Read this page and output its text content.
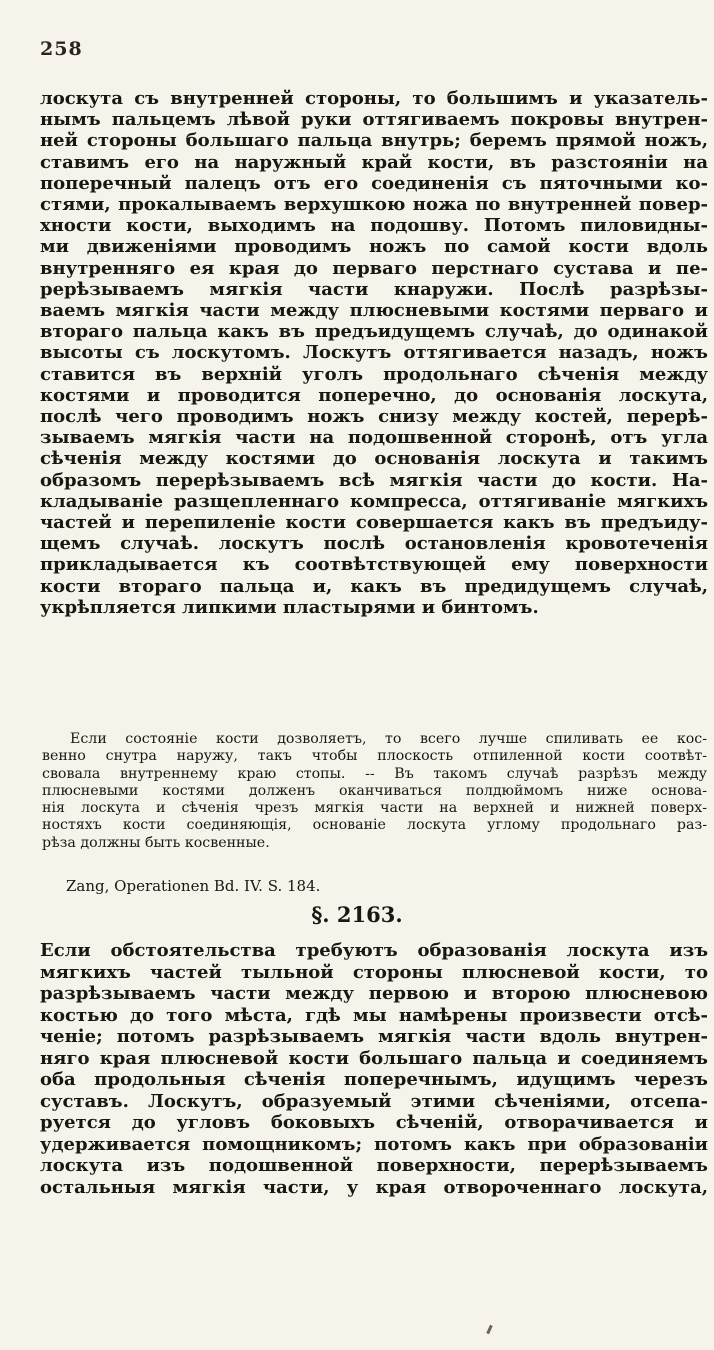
258
лоскута съ внутренней стороны, то большимъ и указатель-
нымъ пальцемъ лѣвой руки оттягиваемъ покровы внутрен-
ней стороны большаго пальца внутрь; беремъ прямой ножъ,
ставимъ его на наружный край кости, въ разстояніи на
поперечный палецъ отъ его соединенія съ пяточными ко-
стями, прокалываемъ верхушкою ножа по внутренней повер-
хности кости, выходимъ на подошву. Потомъ пиловидны-
ми движеніями проводимъ ножъ по самой кости вдоль
внутренняго ея края до перваго перстнаго сустава и пе-
рерѣзываемъ мягкія части кнаружи. Послѣ разрѣзы-
ваемъ мягкія части между плюсневыми костями перваго и
втораго пальца какъ въ предъидущемъ случаѣ, до одинакой
высоты съ лоскутомъ. Лоскутъ оттягивается назадъ, ножъ
ставится въ верхній уголъ продольнаго сѣченія между
костями и проводится поперечно, до основанія лоскута,
послѣ чего проводимъ ножъ снизу между костей, перерѣ-
зываемъ мягкія части на подошвенной сторонѣ, отъ угла
сѣченія между костями до основанія лоскута и такимъ
образомъ перерѣзываемъ всѣ мягкія части до кости. На-
кладываніе разщепленнаго компресса, оттягиваніе мягкихъ
частей и перепиленіе кости совершается какъ въ предъиду-
щемъ случаѣ. лоскутъ послѣ остановленія кровотеченія
прикладывается къ соотвѣтствующей ему поверхности
кости втораго пальца и, какъ въ предидущемъ случаѣ,
укрѣпляется липкими пластырями и бинтомъ.
Если состояніе кости дозволяетъ, то всего лучше спиливать ее кос-
венно снутра наружу, такъ чтобы плоскость отпиленной кости соотвѣт-
свовала внутреннему краю стопы. -- Въ такомъ случаѣ разрѣзъ между
плюсневыми костями долженъ оканчиваться полдюймомъ ниже основа-
нія лоскута и сѣченія чрезъ мягкія части на верхней и нижней поверх-
ностяхъ кости соединяющія, основаніе лоскута углому продольнаго раз-
рѣза должны быть косвенные.
Zang, Operationen Bd. IV. S. 184.
§. 2163.
Если обстоятельства требуютъ образованія лоскута изъ
мягкихъ частей тыльной стороны плюсневой кости, то
разрѣзываемъ части между первою и второю плюсневою
костью до того мѣста, гдѣ мы намѣрены произвести отсѣ-
ченіе; потомъ разрѣзываемъ мягкія части вдоль внутрен-
няго края плюсневой кости большаго пальца и соединяемъ
оба продольныя сѣченія поперечнымъ, идущимъ черезъ
суставъ. Лоскутъ, образуемый этими сѣченіями, отсепа-
руется до угловъ боковыхъ сѣченій, отворачивается и
удерживается помощникомъ; потомъ какъ при образованіи
лоскута изъ подошвенной поверхности, перерѣзываемъ
остальныя мягкія части, у края отвороченнаго лоскута,
